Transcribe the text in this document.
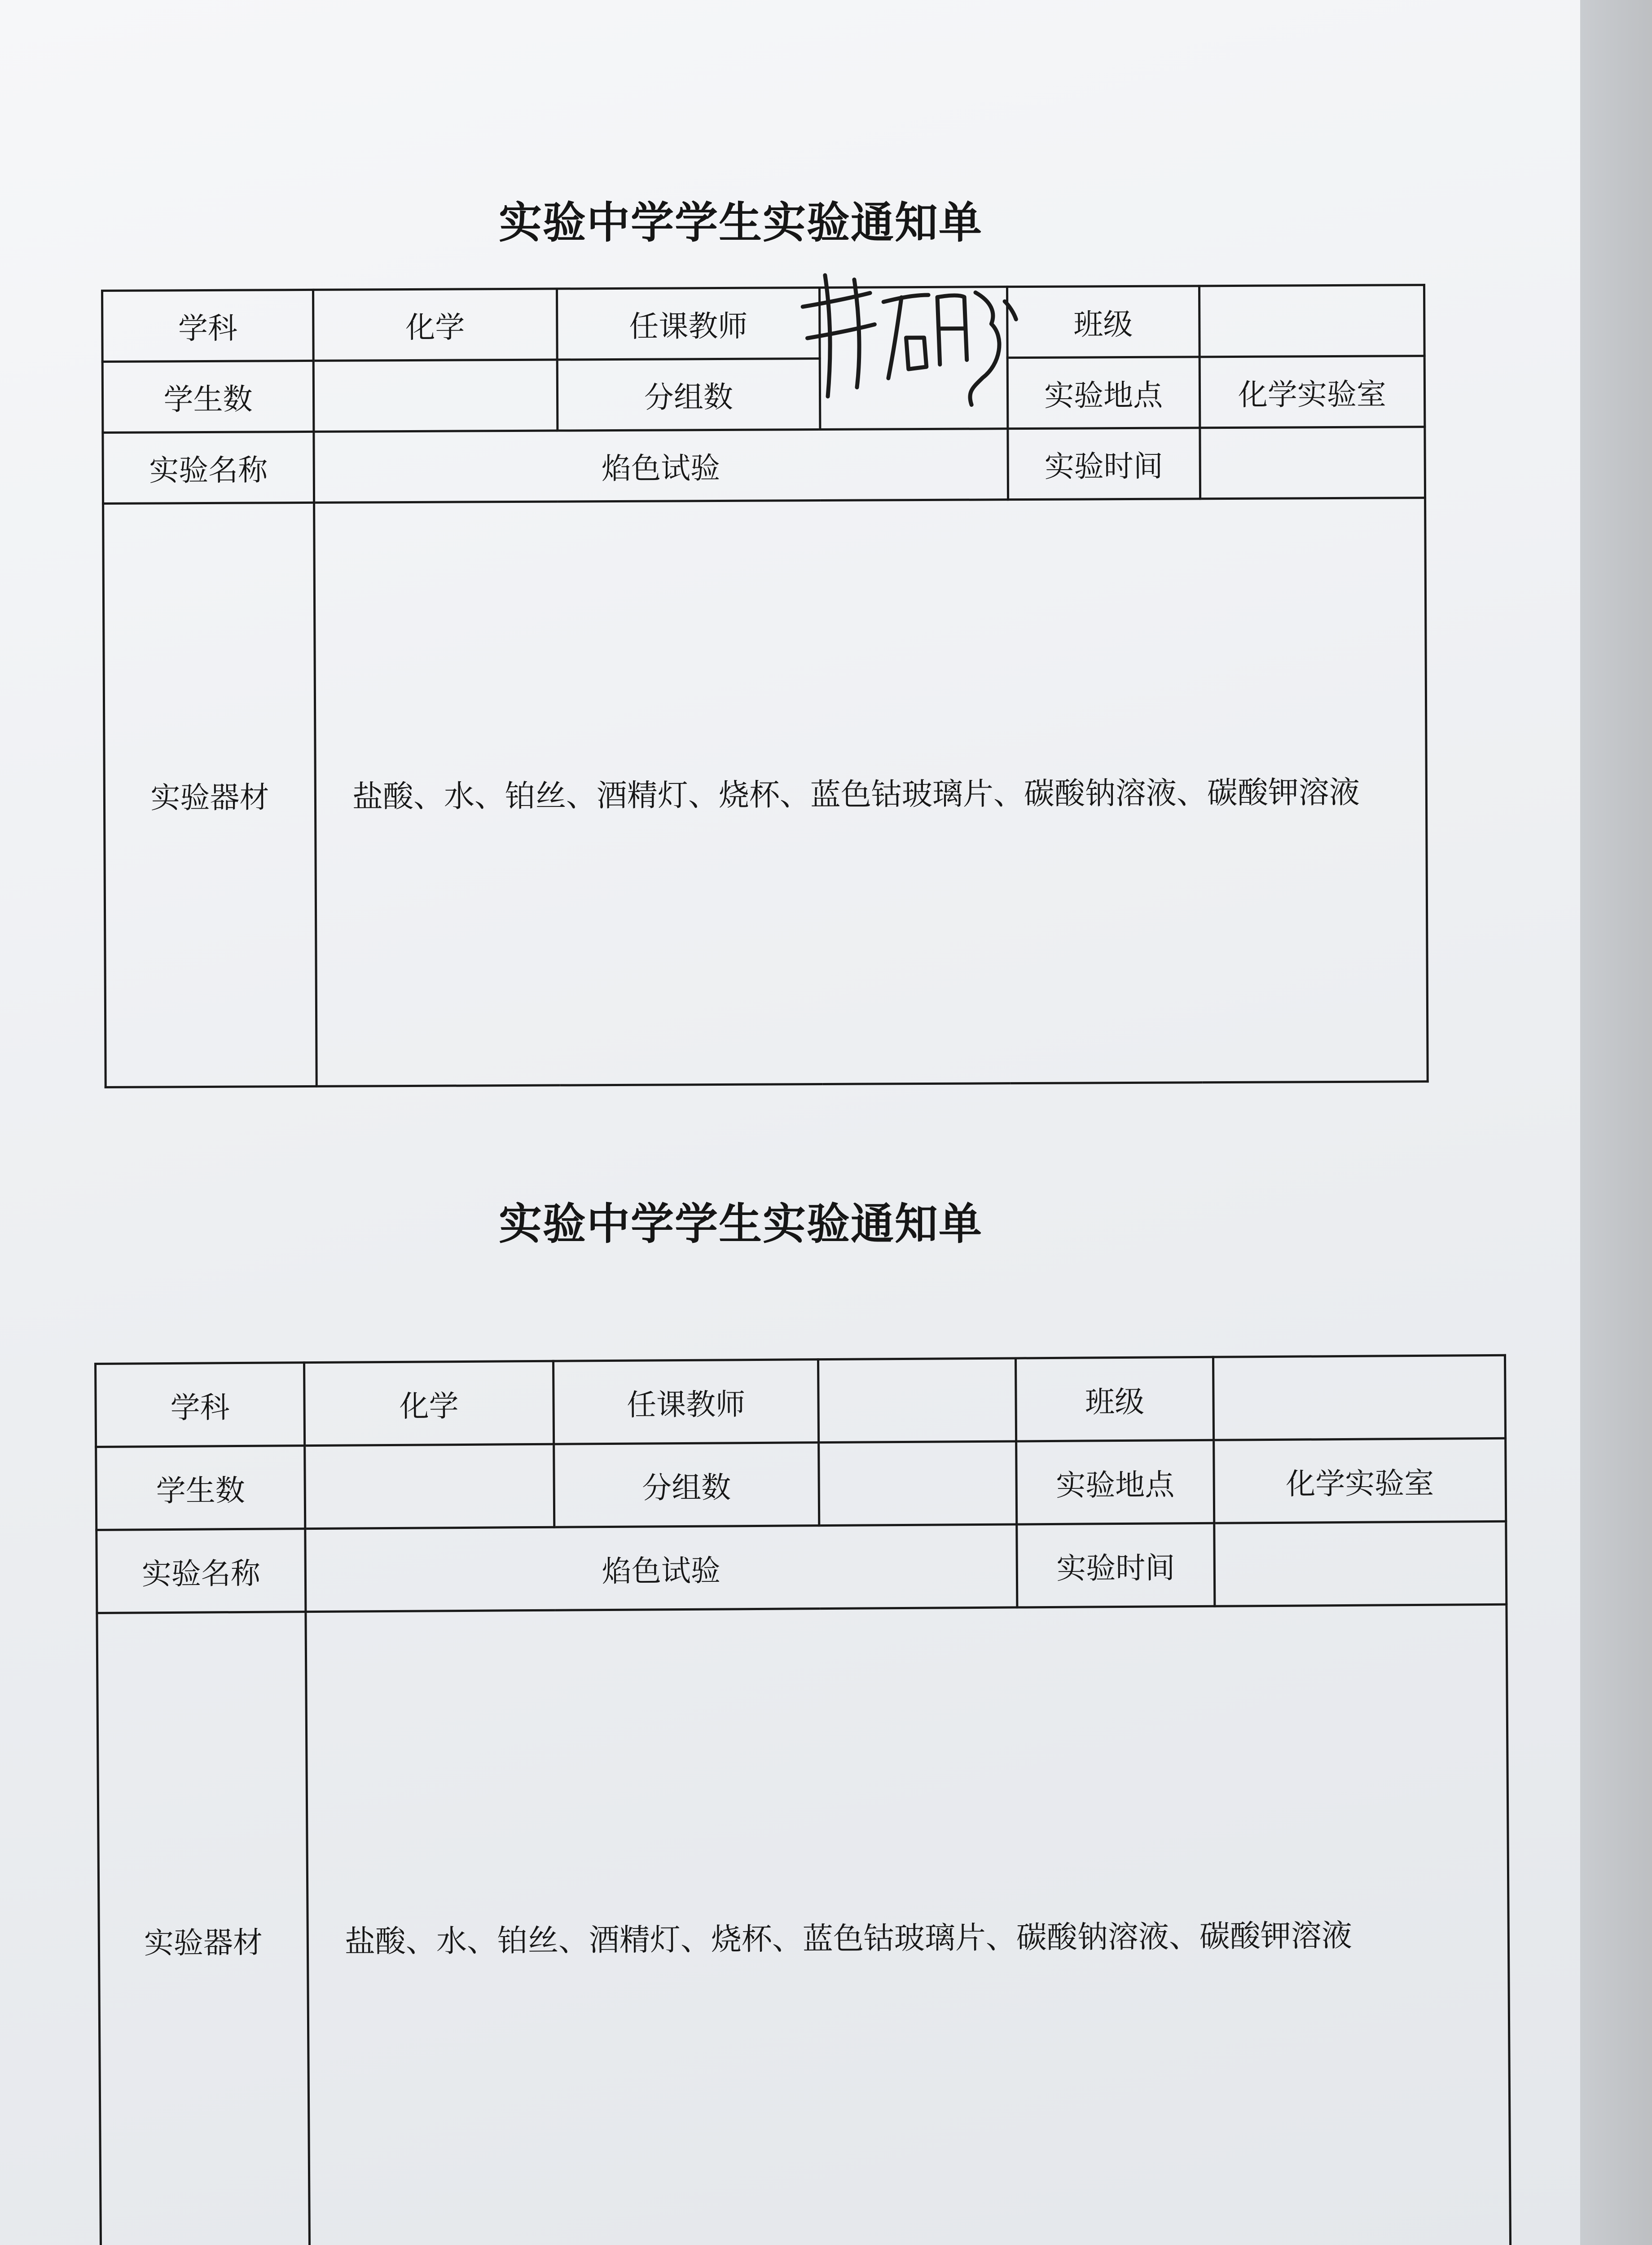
实验中学学生实验通知单
学科	化学	任课教师		班级	
学生数		分组数		实验地点	化学实验室
实验名称	焰色试验			实验时间	
实验器材	盐酸、水、铂丝、酒精灯、烧杯、蓝色钴玻璃片、碳酸钠溶液、碳酸钾溶液				
实验中学学生实验通知单
学科	化学	任课教师		班级	
学生数		分组数		实验地点	化学实验室
实验名称	焰色试验			实验时间	
实验器材	盐酸、水、铂丝、酒精灯、烧杯、蓝色钴玻璃片、碳酸钠溶液、碳酸钾溶液				
